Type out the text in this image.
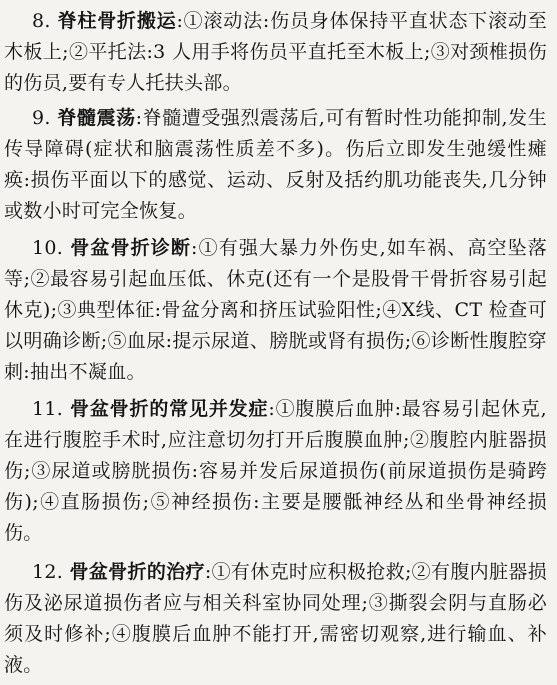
8. 脊柱骨折搬运:①滚动法:伤员身体保持平直状态下滚动至木板上;②平托法:3 人用手将伤员平直托至木板上;③对颈椎损伤的伤员,要有专人托扶头部。

9. 脊髓震荡:脊髓遭受强烈震荡后,可有暂时性功能抑制,发生传导障碍(症状和脑震荡性质差不多)。伤后立即发生弛缓性瘫痪:损伤平面以下的感觉、运动、反射及括约肌功能丧失,几分钟或数小时可完全恢复。

10. 骨盆骨折诊断:①有强大暴力外伤史,如车祸、高空坠落等;②最容易引起血压低、休克(还有一个是股骨干骨折容易引起休克);③典型体征:骨盆分离和挤压试验阳性;④X线、CT 检查可以明确诊断;⑤血尿:提示尿道、膀胱或肾有损伤;⑥诊断性腹腔穿刺:抽出不凝血。

11. 骨盆骨折的常见并发症:①腹膜后血肿:最容易引起休克,在进行腹腔手术时,应注意切勿打开后腹膜血肿;②腹腔内脏器损伤;③尿道或膀胱损伤:容易并发后尿道损伤(前尿道损伤是骑跨伤);④直肠损伤;⑤神经损伤:主要是腰骶神经丛和坐骨神经损伤。

12. 骨盆骨折的治疗:①有休克时应积极抢救;②有腹内脏器损伤及泌尿道损伤者应与相关科室协同处理;③撕裂会阴与直肠必须及时修补;④腹膜后血肿不能打开,需密切观察,进行输血、补液。
